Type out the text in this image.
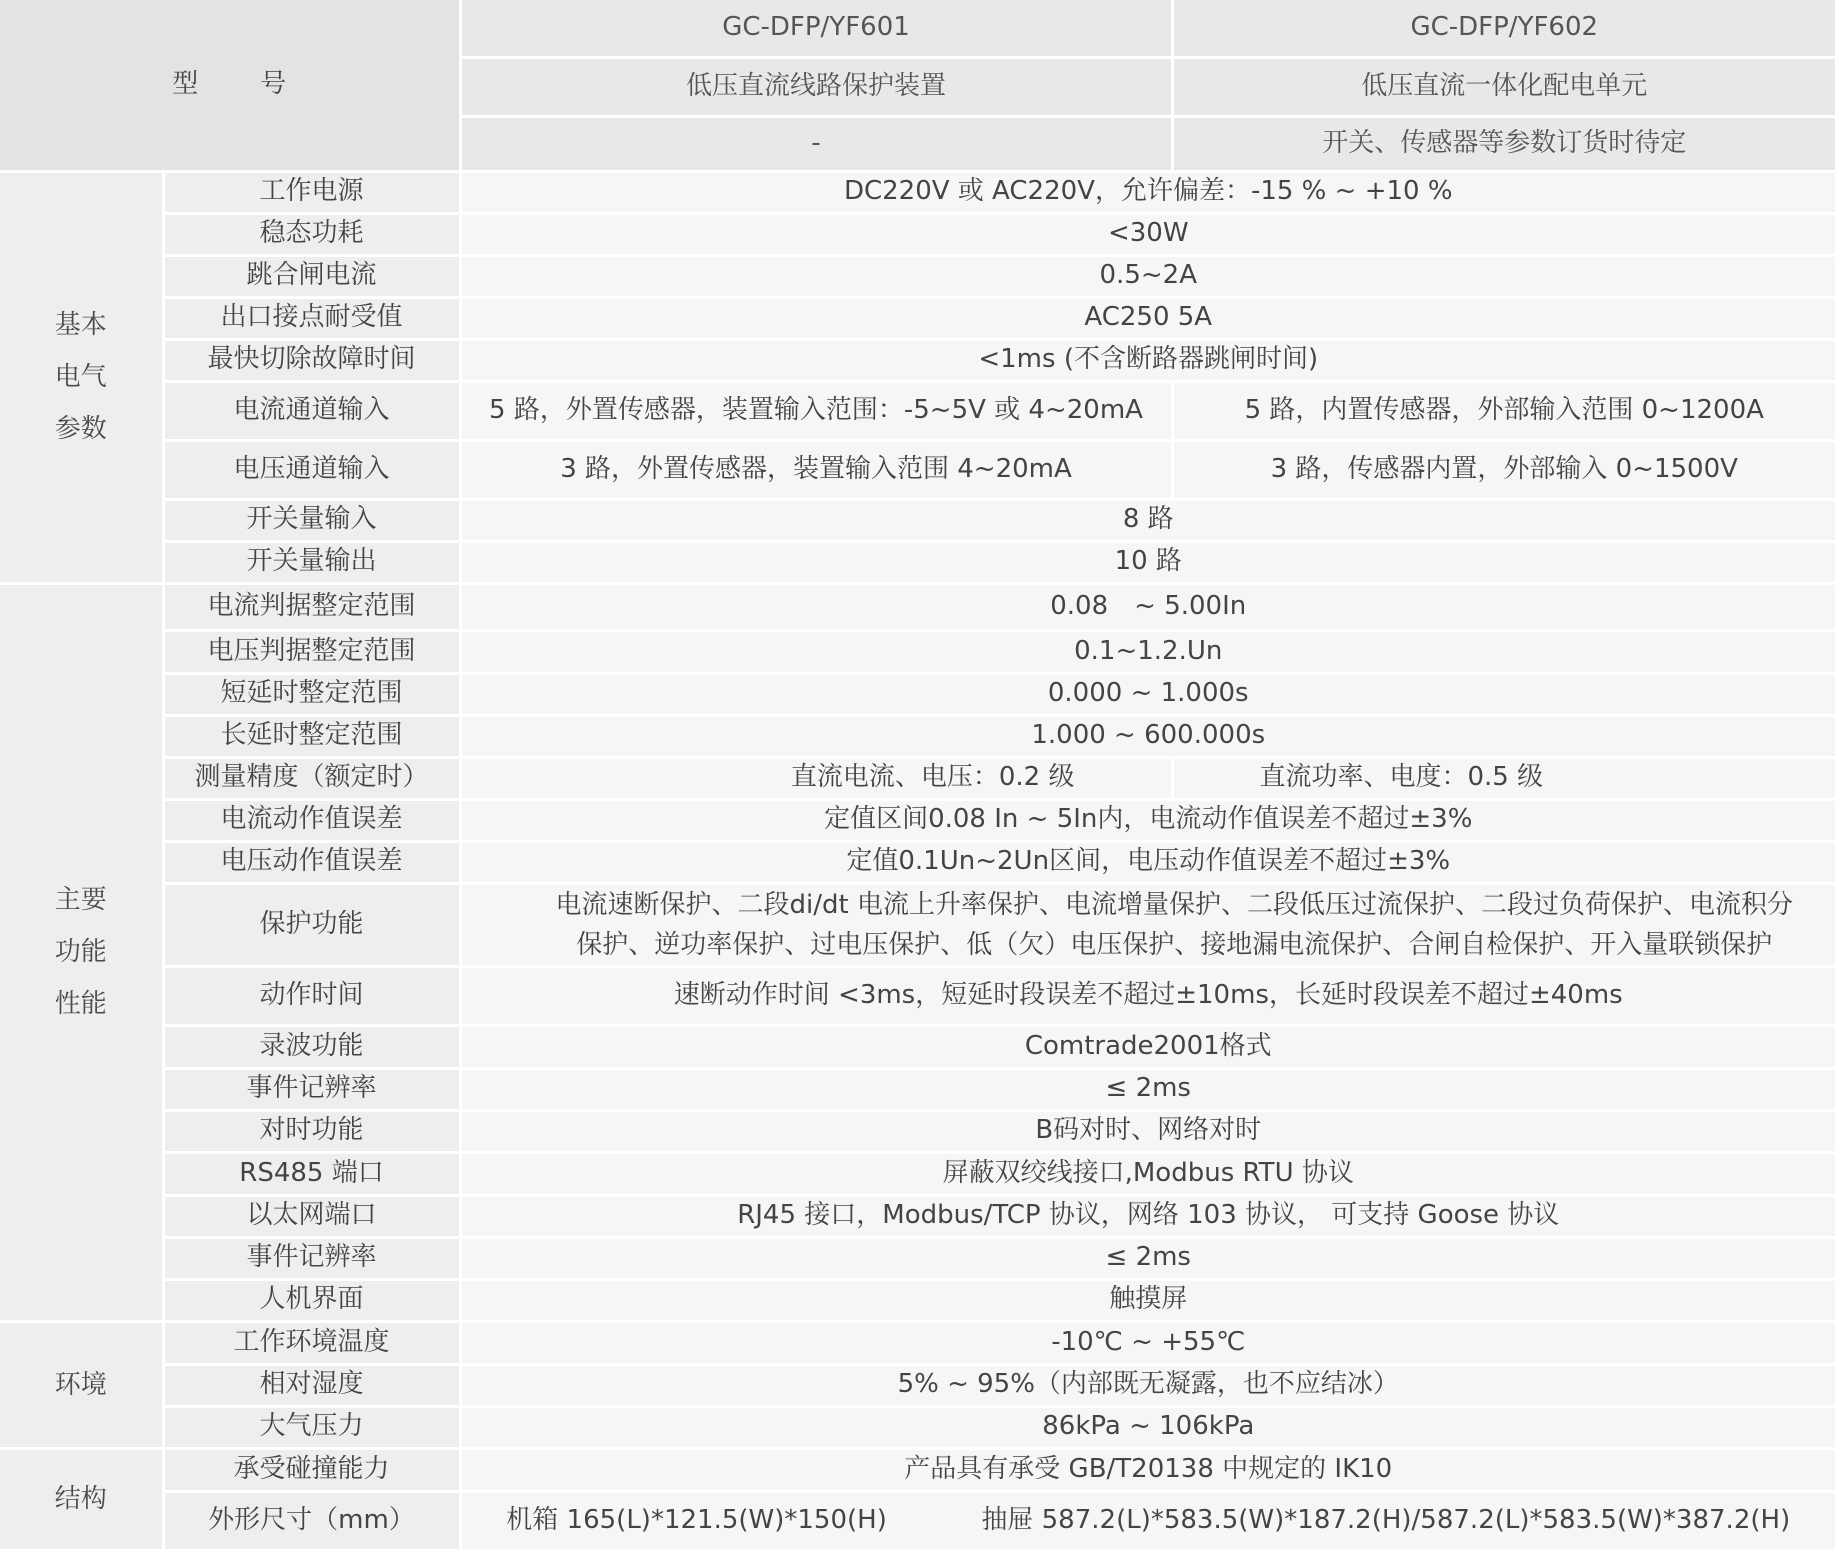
型 号		GC-DFP/YF601	GC-DFP/YF602
		低压直流线路保护装置	低压直流一体化配电单元
		-	开关、传感器等参数订货时待定

基本
电气
参数	工作电源	DC220V 或 AC220V，允许偏差：-15 % ~ +10 %	
	稳态功耗	<30W	
	跳合闸电流	0.5~2A	
	出口接点耐受值	AC250 5A	
	最快切除故障时间	<1ms (不含断路器跳闸时间)	
	电流通道输入	5 路，外置传感器，装置输入范围：-5~5V 或 4~20mA	5 路，内置传感器，外部输入范围 0~1200A
	电压通道输入	3 路，外置传感器，装置输入范围 4~20mA	3 路，传感器内置，外部输入 0~1500V
	开关量输入	8 路	
	开关量输出	10 路	

主要
功能
性能	电流判据整定范围	0.08　~ 5.00In	
	电压判据整定范围	0.1~1.2.Un	
	短延时整定范围	0.000 ~ 1.000s	
	长延时整定范围	1.000 ~ 600.000s	
	测量精度（额定时）	直流电流、电压：0.2 级	直流功率、电度：0.5 级
	电流动作值误差	定值区间0.08 In ~ 5In内，电流动作值误差不超过±3%	
	电压动作值误差	定值0.1Un~2Un区间，电压动作值误差不超过±3%	
	保护功能	电流速断保护、二段di/dt 电流上升率保护、电流增量保护、二段低压过流保护、二段过负荷保护、电流积分
保护、逆功率保护、过电压保护、低（欠）电压保护、接地漏电流保护、合闸自检保护、开入量联锁保护	

	动作时间	速断动作时间 <3ms，短延时段误差不超过±10ms，长延时段误差不超过±40ms	
	录波功能	Comtrade2001格式	
	事件记辨率	≤ 2ms	
	对时功能	B码对时、网络对时	
	RS485 端口	屏蔽双绞线接口,Modbus RTU 协议	
	以太网端口	RJ45 接口，Modbus/TCP 协议，网络 103 协议， 可支持 Goose 协议	
	事件记辨率	≤ 2ms	
	人机界面	触摸屏	

环境	工作环境温度	-10℃ ~ +55℃	
	相对湿度	5% ~ 95%（内部既无凝露，也不应结冰）	
	大气压力	86kPa ~ 106kPa	

结构	承受碰撞能力	产品具有承受 GB/T20138 中规定的 IK10	
	外形尺寸（mm）	机箱 165(L)*121.5(W)*150(H) 抽屉 587.2(L)*583.5(W)*187.2(H)/587.2(L)*583.5(W)*387.2(H)	
